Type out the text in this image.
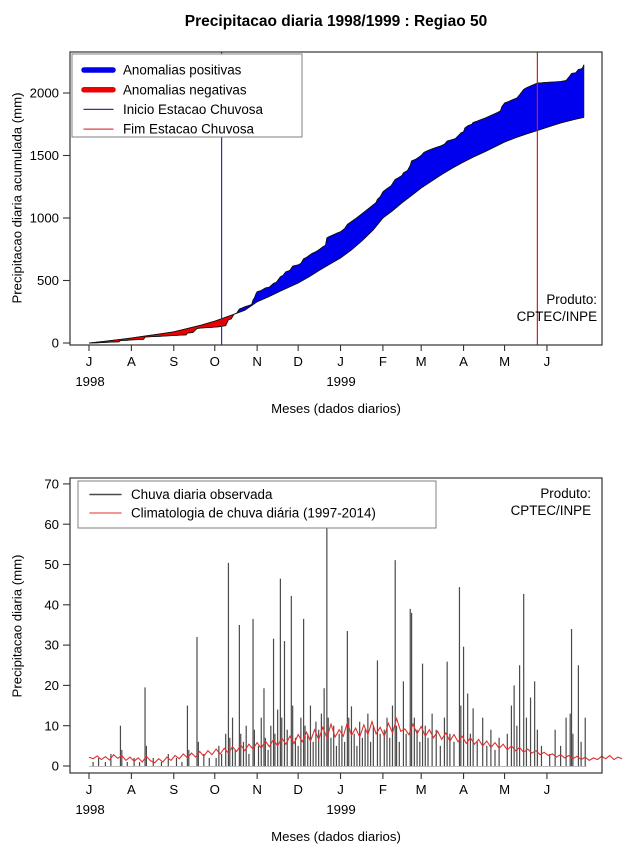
J	A	S O N D	J	F M A M	J
0
500
1000
1500
2000
Anomalias positivas
Anomalias negativas
Inicio Estacao Chuvosa
Fim Estacao Chuvosa
J	A	S O N D	J	F M A M	J
0
10
20
30
40
50
60
70
Chuva diaria observada
Climatologia de chuva diária (1997-2014)
Precipitacao diaria 1998/1999 : Regiao 50
Precipitacao diaria acumulada (mm)
Precipitacao diaria (mm)
Meses (dados diarios)
Meses (dados diarios)
1998	1999
1998	1999
Produto:
CPTEC/INPE
Produto:
CPTEC/INPE
